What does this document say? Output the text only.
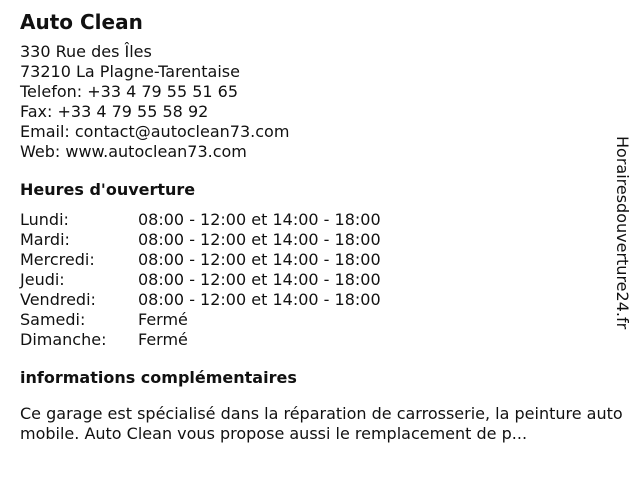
Auto Clean
330 Rue des Îles
73210 La Plagne-Tarentaise
Telefon: +33 4 79 55 51 65
Fax: +33 4 79 55 58 92
Email: contact@autoclean73.com
Web: www.autoclean73.com
Heures d'ouverture
Lundi:	08:00 - 12:00 et 14:00 - 18:00
Mardi:	08:00 - 12:00 et 14:00 - 18:00
Mercredi:	08:00 - 12:00 et 14:00 - 18:00
Jeudi:	08:00 - 12:00 et 14:00 - 18:00
Vendredi:	08:00 - 12:00 et 14:00 - 18:00
Samedi:	Fermé
Dimanche:	Fermé
informations complémentaires
Ce garage est spécialisé dans la réparation de carrosserie, la peinture automobile. Auto Clean vous propose aussi le remplacement de p...
Horairesdouverture24.fr
